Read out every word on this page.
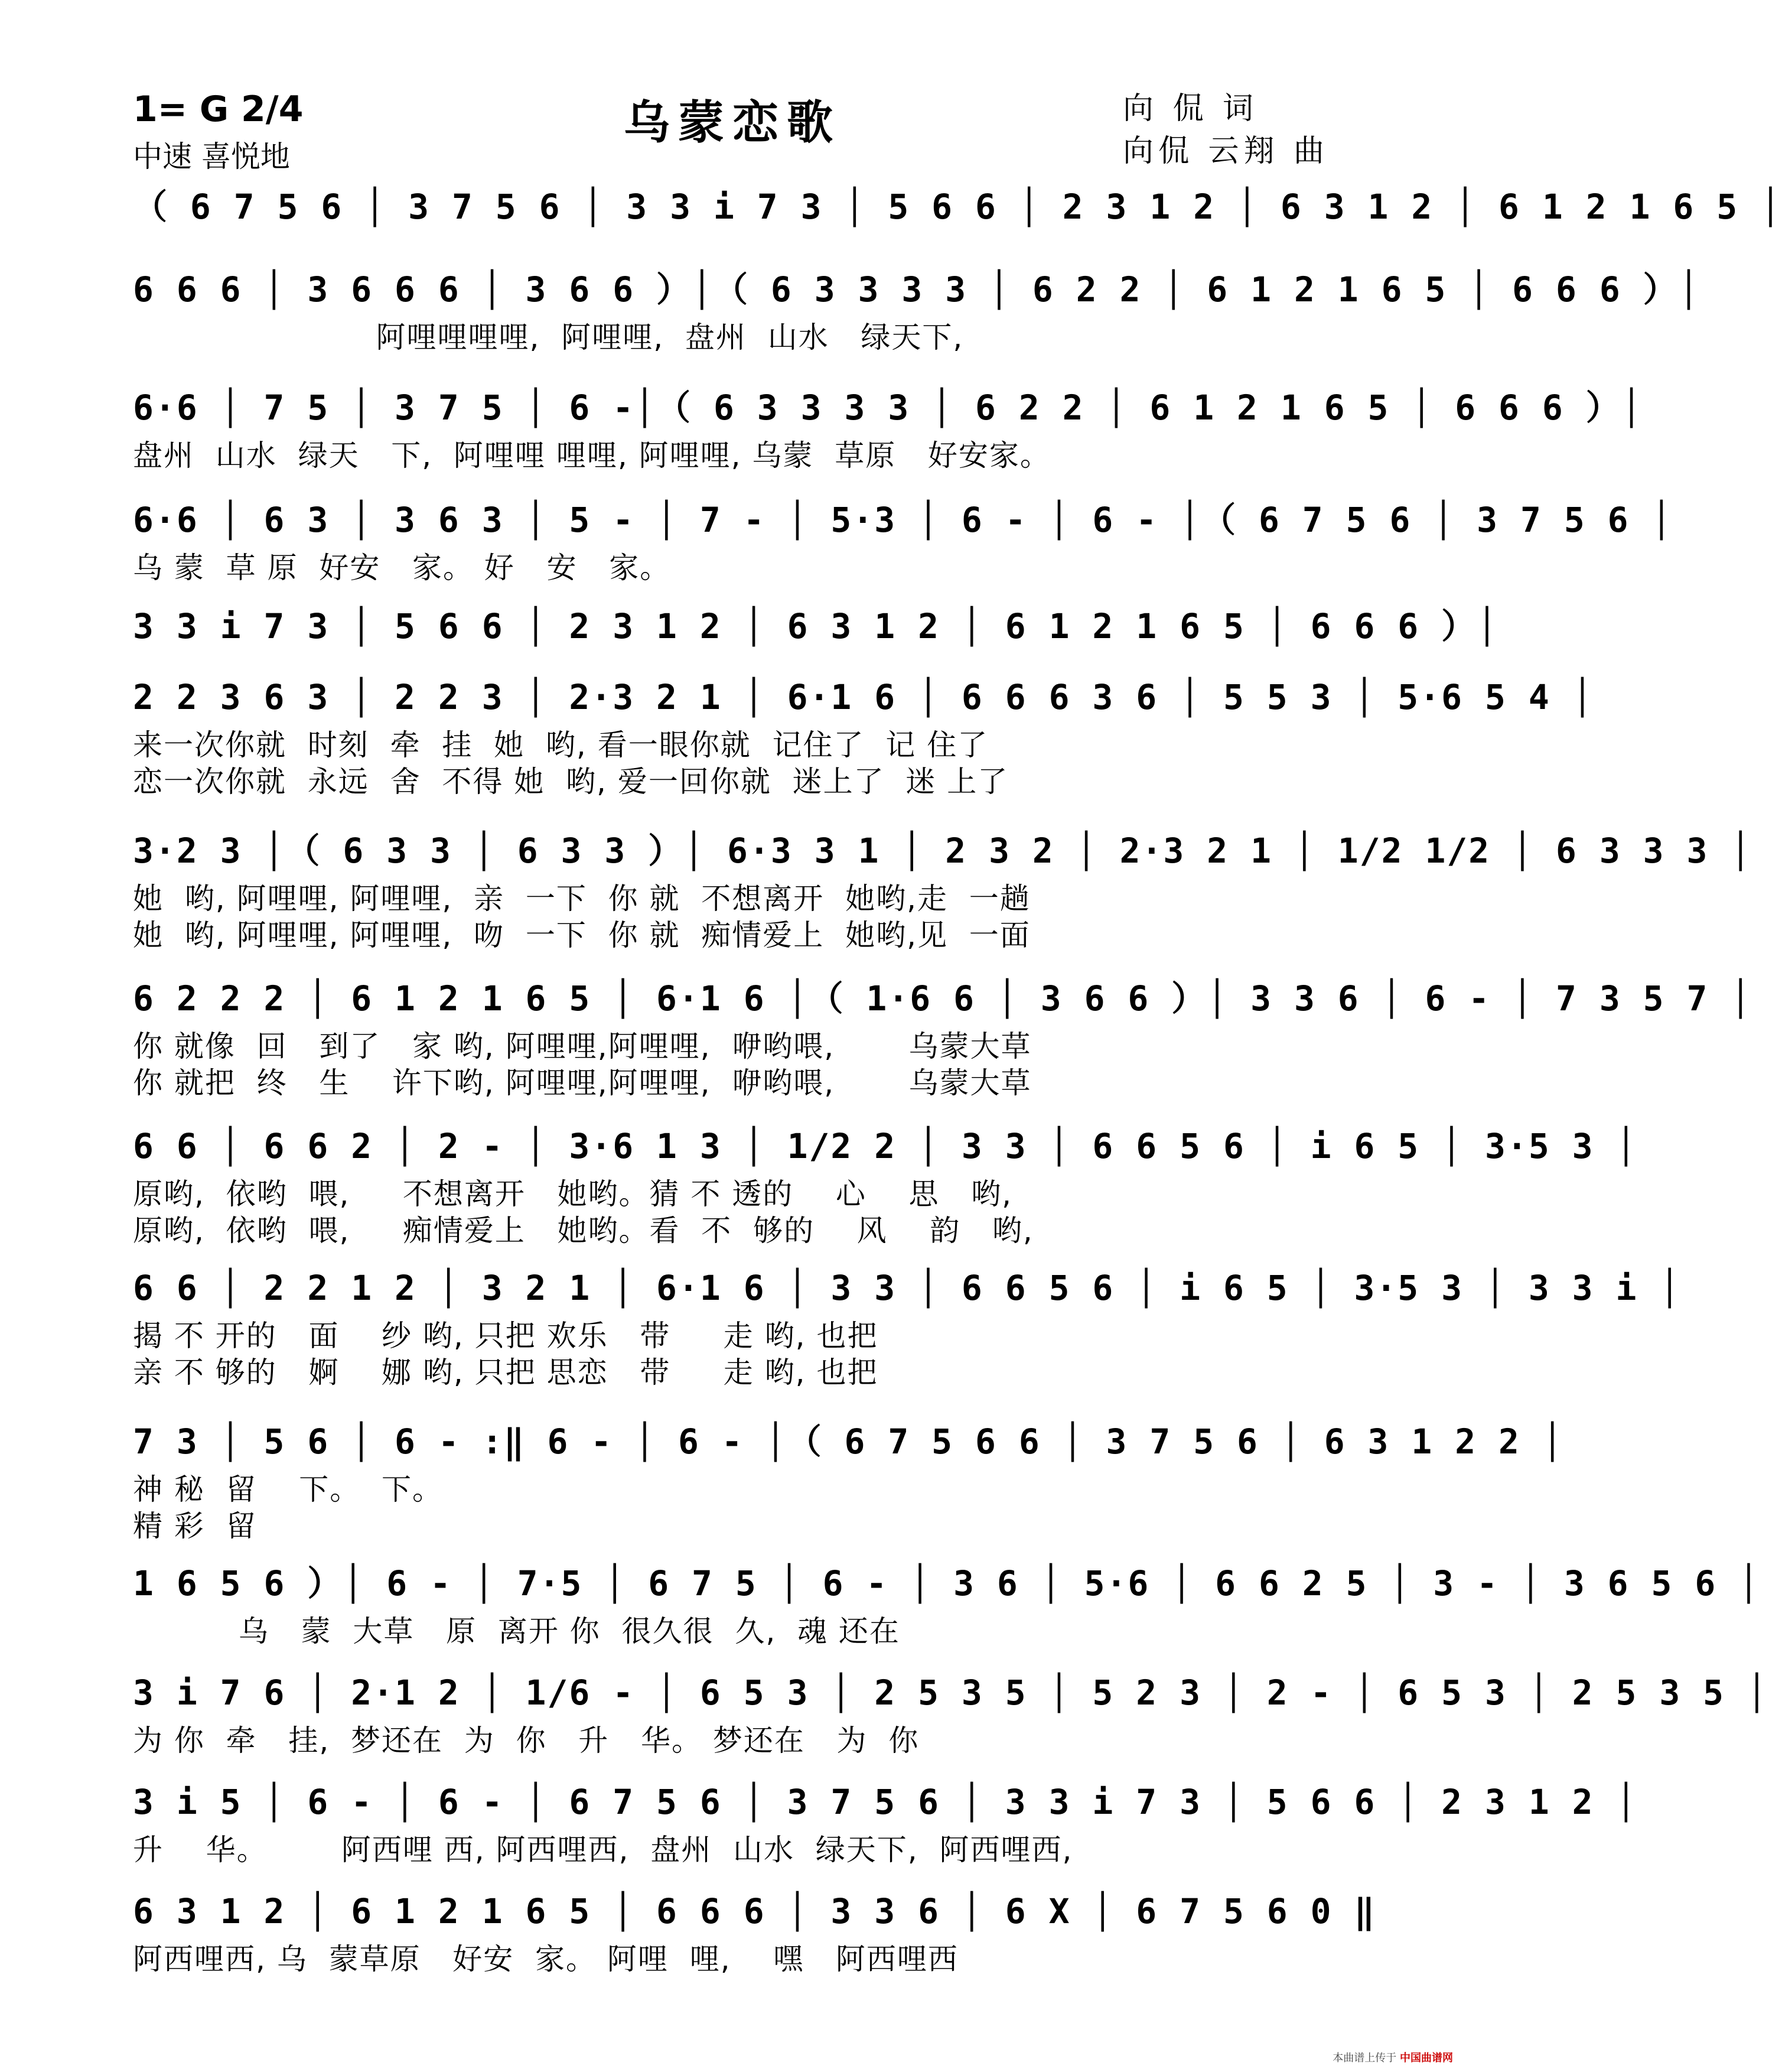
1= G 2/4
中速 喜悦地
乌蒙恋歌	向 侃 词
向侃 云翔 曲
（ 6 7 5 6 │ 3 7 5 6 │ 3 3 i 7 3 │ 5 6 6 │ 2 3 1 2 │ 6 3 1 2 │ 6 1 2 1 6 5 │
6 6 6 │ 3 6 6 6 │ 3 6 6 ）│（ 6 3 3 3 3 │ 6 2 2 │ 6 1 2 1 6 5 │ 6 6 6 ）│
阿哩哩哩哩,  阿哩哩,  盘州  山水   绿天下,
6·6 │ 7 5 │ 3 7 5 │ 6 -│（ 6 3 3 3 3 │ 6 2 2 │ 6 1 2 1 6 5 │ 6 6 6 ）│
盘州  山水  绿天   下,  阿哩哩 哩哩, 阿哩哩, 乌蒙  草原   好安家。
6·6 │ 6 3 │ 3 6 3 │ 5 - │ 7 - │ 5·3 │ 6 - │ 6 - │（ 6 7 5 6 │ 3 7 5 6 │
乌 蒙  草 原  好安   家。 好   安   家。
3 3 i 7 3 │ 5 6 6 │ 2 3 1 2 │ 6 3 1 2 │ 6 1 2 1 6 5 │ 6 6 6 ）│
2 2 3 6 3 │ 2 2 3 │ 2·3 2 1 │ 6·1 6 │ 6 6 6 3 6 │ 5 5 3 │ 5·6 5 4 │
来一次你就  时刻  牵  挂  她  哟, 看一眼你就  记住了  记 住了
恋一次你就  永远  舍  不得 她  哟, 爱一回你就  迷上了  迷 上了
3·2 3 │（ 6 3 3 │ 6 3 3 ）│ 6·3 3 1 │ 2 3 2 │ 2·3 2 1 │ 1/2 1/2 │ 6 3 3 3 │
她  哟, 阿哩哩, 阿哩哩,  亲  一下  你 就  不想离开  她哟,走  一趟
她  哟, 阿哩哩, 阿哩哩,  吻  一下  你 就  痴情爱上  她哟,见  一面
6 2 2 2 │ 6 1 2 1 6 5 │ 6·1 6 │（ 1·6 6 │ 3 6 6 ）│ 3 3 6 │ 6 - │ 7 3 5 7 │
你 就像  回   到了   家 哟, 阿哩哩,阿哩哩,  咿哟喂,       乌蒙大草
你 就把  终   生    许下哟, 阿哩哩,阿哩哩,  咿哟喂,       乌蒙大草
6 6 │ 6 6 2 │ 2 - │ 3·6 1 3 │ 1/2 2 │ 3 3 │ 6 6 5 6 │ i 6 5 │ 3·5 3 │
原哟,  依哟  喂,     不想离开   她哟。猜 不 透的    心    思   哟,
原哟,  依哟  喂,     痴情爱上   她哟。看  不  够的    风    韵   哟,
6 6 │ 2 2 1 2 │ 3 2 1 │ 6·1 6 │ 3 3 │ 6 6 5 6 │ i 6 5 │ 3·5 3 │ 3 3 i │
揭 不 开的   面    纱 哟, 只把 欢乐   带     走 哟, 也把
亲 不 够的   婀    娜 哟, 只把 思恋   带     走 哟, 也把
7 3 │ 5 6 │ 6 - :‖ 6 - │ 6 - │（ 6 7 5 6 6 │ 3 7 5 6 │ 6 3 1 2 2 │
神 秘  留    下。  下。
精 彩  留
1 6 5 6 ）│ 6 - │ 7·5 │ 6 7 5 │ 6 - │ 3 6 │ 5·6 │ 6 6 2 5 │ 3 - │ 3 6 5 6 │
乌   蒙  大草   原  离开 你  很久很  久,  魂 还在
3 i 7 6 │ 2·1 2 │ 1/6 - │ 6 5 3 │ 2 5 3 5 │ 5 2 3 │ 2 - │ 6 5 3 │ 2 5 3 5 │
为 你  牵   挂,  梦还在  为  你   升   华。 梦还在   为  你
3 i 5 │ 6 - │ 6 - │ 6 7 5 6 │ 3 7 5 6 │ 3 3 i 7 3 │ 5 6 6 │ 2 3 1 2 │
升    华。       阿西哩 西, 阿西哩西,  盘州  山水  绿天下,  阿西哩西,
6 3 1 2 │ 6 1 2 1 6 5 │ 6 6 6 │ 3 3 6 │ 6 X │ 6 7 5 6 0 ‖
阿西哩西, 乌  蒙草原   好安  家。 阿哩  哩,    嘿   阿西哩西
本曲谱上传于 中国曲谱网
